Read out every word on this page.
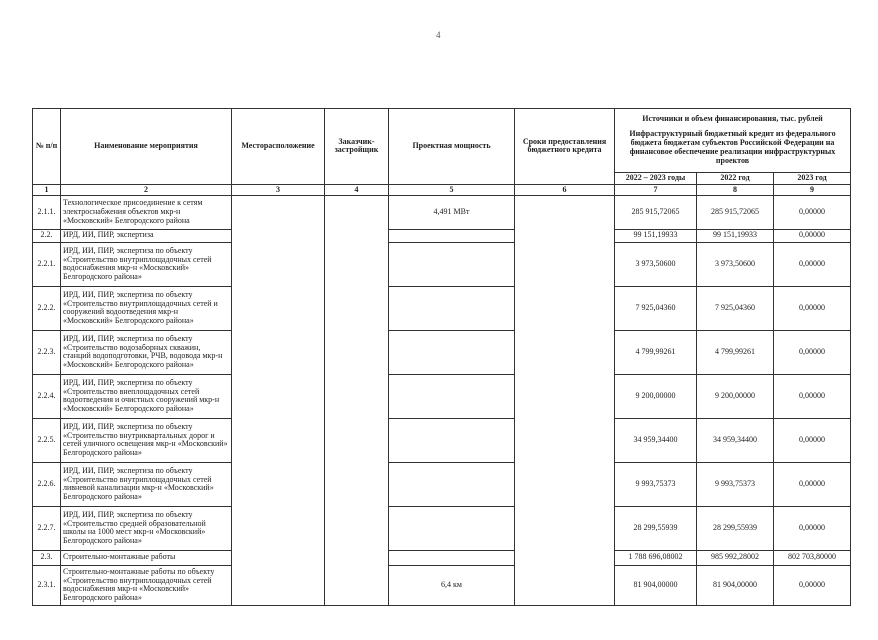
4
№ п/п	Наименование мероприятия	Месторасположение	Заказчик-застройщик	Проектная мощность	Сроки предоставления бюджетного кредита	Источники и объем финансирования, тыс. рублей
Инфраструктурный бюджетный кредит из федерального бюджета бюджетам субъектов Российской Федерации на финансовое обеспечение реализации инфраструктурных проектов		

						2022 – 2023 годы	2022 год	2023 год
1	2	3	4	5	6	7	8	9
2.1.1.	Технологическое присоединение к сетям электроснабжения объектов мкр-н «Московский» Белгородского района			4,491 МВт		285 915,72065	285 915,72065	0,00000
2.2.	ИРД, ИИ, ПИР, экспертиза					99 151,19933	99 151,19933	0,00000
2.2.1.	ИРД, ИИ, ПИР, экспертиза по объекту «Строительство внутриплощадочных сетей водоснабжения мкр-н «Московский» Белгородского района»					3 973,50600	3 973,50600	0,00000
2.2.2.	ИРД, ИИ, ПИР, экспертиза по объекту «Строительство внутриплощадочных сетей и сооружений водоотведения мкр-н «Московский» Белгородского района»					7 925,04360	7 925,04360	0,00000
2.2.3.	ИРД, ИИ, ПИР, экспертиза по объекту «Строительство водозаборных скважин, станций водоподготовки, РЧВ, водовода мкр-н «Московский» Белгородского района»					4 799,99261	4 799,99261	0,00000
2.2.4.	ИРД, ИИ, ПИР, экспертиза по объекту «Строительство внеплощадочных сетей водоотведения и очистных сооружений мкр-н «Московский» Белгородского района»					9 200,00000	9 200,00000	0,00000
2.2.5.	ИРД, ИИ, ПИР, экспертиза по объекту «Строительство внутриквартальных дорог и сетей уличного освещения мкр-н «Московский» Белгородского района»					34 959,34400	34 959,34400	0,00000
2.2.6.	ИРД, ИИ, ПИР, экспертиза по объекту «Строительство внутриплощадочных сетей ливневой канализации мкр-н «Московский» Белгородского района»					9 993,75373	9 993,75373	0,00000
2.2.7.	ИРД, ИИ, ПИР, экспертиза по объекту «Строительство средней образовательной школы на 1000 мест мкр-н «Московский» Белгородского района»					28 299,55939	28 299,55939	0,00000
2.3.	Строительно-монтажные работы					1 788 696,08002	985 992,28002	802 703,80000
2.3.1.	Строительно-монтажные работы по объекту «Строительство внутриплощадочных сетей водоснабжения мкр-н «Московский» Белгородского района»			6,4 км		81 904,00000	81 904,00000	0,00000
